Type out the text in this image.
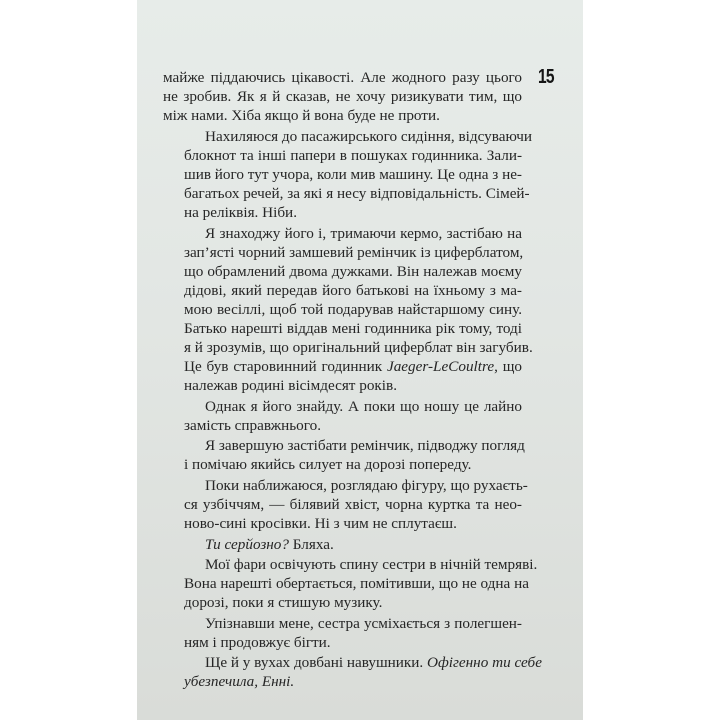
15
майже піддаючись цікавості. Але жодного разу цього
не зробив. Як я й сказав, не хочу ризикувати тим, що
між нами. Хіба якщо й вона буде не проти.
Нахиляюся до пасажирського сидіння, відсуваючи
блокнот та інші папери в пошуках годинника. Зали-
шив його тут учора, коли мив машину. Це одна з не-
багатьох речей, за які я несу відповідальність. Сімей-
на реліквія. Ніби.
Я знаходжу його і, тримаючи кермо, застібаю на
зап’ясті чорний замшевий ремінчик із циферблатом,
що обрамлений двома дужками. Він належав моєму
дідові, який передав його батькові на їхньому з ма-
мою весіллі, щоб той подарував найстаршому сину.
Батько нарешті віддав мені годинника рік тому, тоді
я й зрозумів, що оригінальний циферблат він загубив.
Це був старовинний годинник Jaeger-LeCoultre, що
належав родині вісімдесят років.
Однак я його знайду. А поки що ношу це лайно
замість справжнього.
Я завершую застібати ремінчик, підводжу погляд
і помічаю якийсь силует на дорозі попереду.
Поки наближаюся, розглядаю фігуру, що рухаєть-
ся узбіччям, — білявий хвіст, чорна куртка та нео-
ново-сині кросівки. Ні з чим не сплутаєш.
Ти серйозно? Бляха.
Мої фари освічують спину сестри в нічній темряві.
Вона нарешті обертається, помітивши, що не одна на
дорозі, поки я стишую музику.
Упізнавши мене, сестра усміхається з полегшен-
ням і продовжує бігти.
Ще й у вухах довбані навушники. Офігенно ти себе
убезпечила, Енні.
